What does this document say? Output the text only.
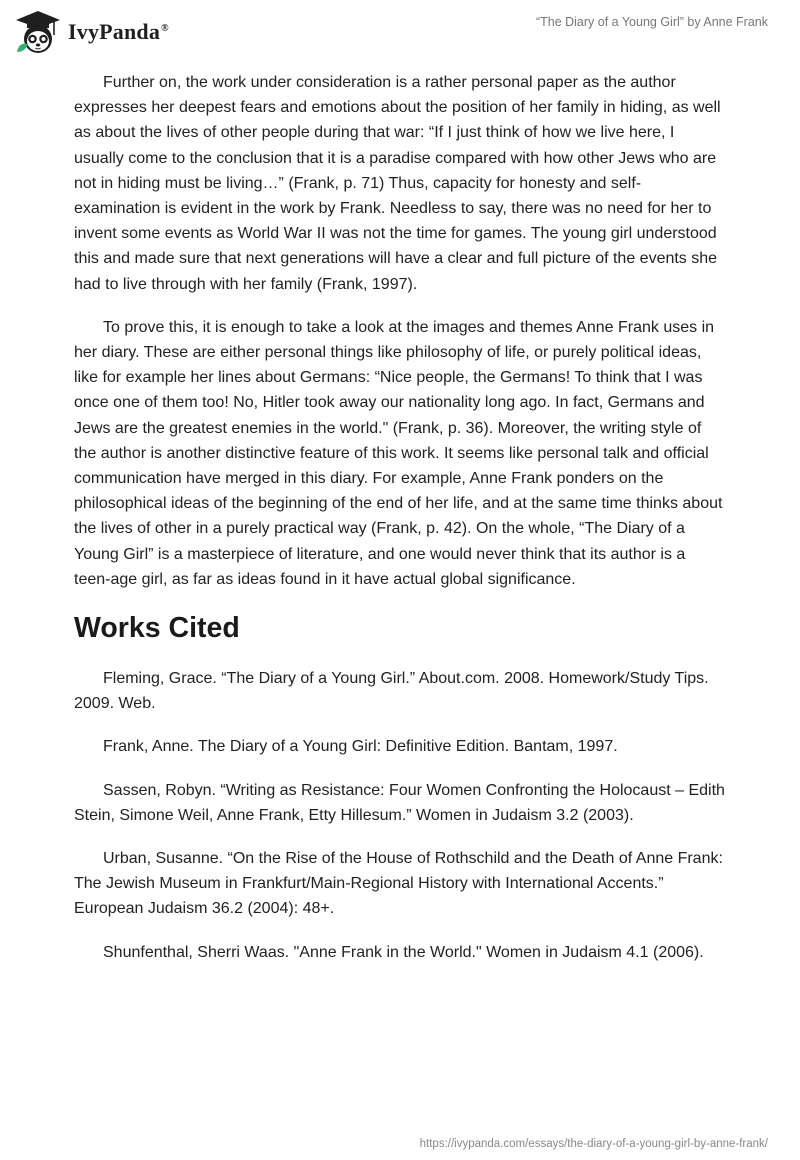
IvyPanda®	“The Diary of a Young Girl” by Anne Frank

Further on, the work under consideration is a rather personal paper as the author expresses her deepest fears and emotions about the position of her family in hiding, as well as about the lives of other people during that war: “If I just think of how we live here, I usually come to the conclusion that it is a paradise compared with how other Jews who are not in hiding must be living…” (Frank, p. 71) Thus, capacity for honesty and self-examination is evident in the work by Frank. Needless to say, there was no need for her to invent some events as World War II was not the time for games. The young girl understood this and made sure that next generations will have a clear and full picture of the events she had to live through with her family (Frank, 1997).

To prove this, it is enough to take a look at the images and themes Anne Frank uses in her diary. These are either personal things like philosophy of life, or purely political ideas, like for example her lines about Germans: “Nice people, the Germans! To think that I was once one of them too! No, Hitler took away our nationality long ago. In fact, Germans and Jews are the greatest enemies in the world." (Frank, p. 36). Moreover, the writing style of the author is another distinctive feature of this work. It seems like personal talk and official communication have merged in this diary. For example, Anne Frank ponders on the philosophical ideas of the beginning of the end of her life, and at the same time thinks about the lives of other in a purely practical way (Frank, p. 42). On the whole, “The Diary of a Young Girl” is a masterpiece of literature, and one would never think that its author is a teen-age girl, as far as ideas found in it have actual global significance.

Works Cited

Fleming, Grace. “The Diary of a Young Girl.” About.com. 2008. Homework/Study Tips. 2009. Web.

Frank, Anne. The Diary of a Young Girl: Definitive Edition. Bantam, 1997.

Sassen, Robyn. “Writing as Resistance: Four Women Confronting the Holocaust – Edith Stein, Simone Weil, Anne Frank, Etty Hillesum.” Women in Judaism 3.2 (2003).

Urban, Susanne. “On the Rise of the House of Rothschild and the Death of Anne Frank: The Jewish Museum in Frankfurt/Main-Regional History with International Accents.” European Judaism 36.2 (2004): 48+.

Shunfenthal, Sherri Waas. "Anne Frank in the World." Women in Judaism 4.1 (2006).

https://ivypanda.com/essays/the-diary-of-a-young-girl-by-anne-frank/
